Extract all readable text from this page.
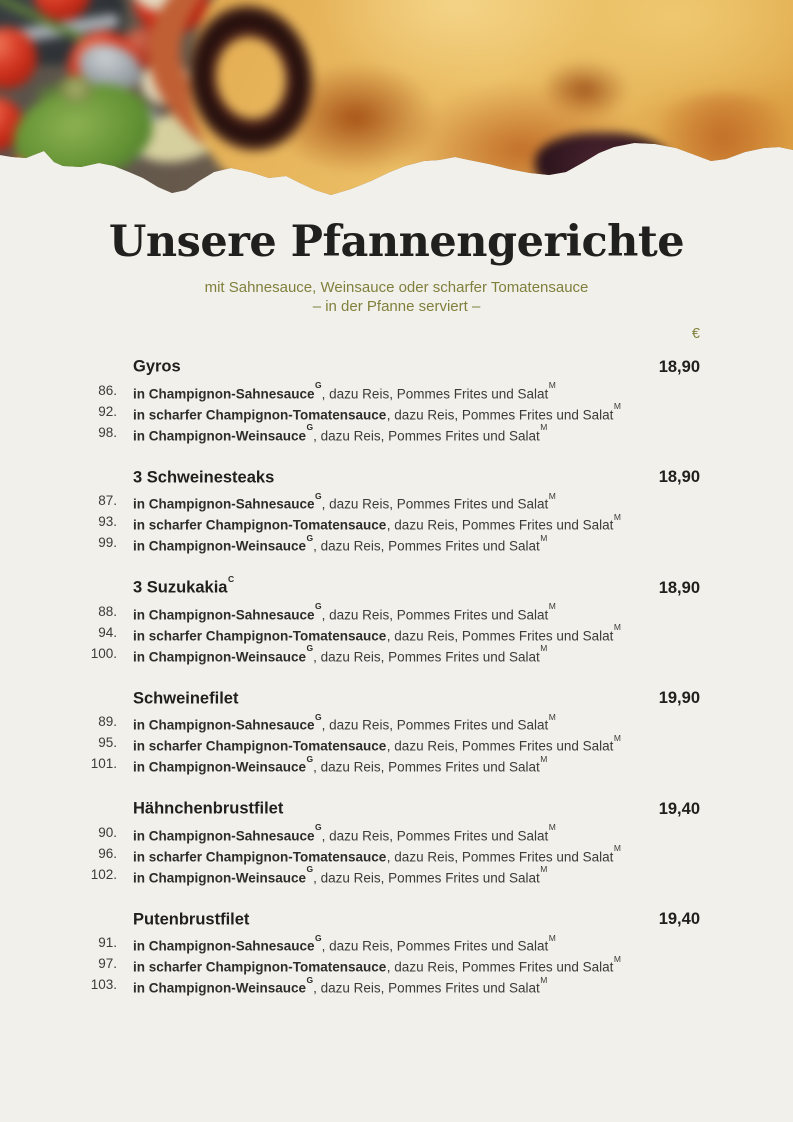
Unsere Pfannengerichte
mit Sahnesauce, Weinsauce oder scharfer Tomatensauce
– in der Pfanne serviert –
€
Gyros	18,90
86. in Champignon-Sahnesauce$^G$, dazu Reis, Pommes Frites und Salat$^M$
92. in scharfer Champignon-Tomatensauce, dazu Reis, Pommes Frites und Salat$^M$
98. in Champignon-Weinsauce$^G$, dazu Reis, Pommes Frites und Salat$^M$
3 Schweinesteaks	18,90
87. in Champignon-Sahnesauce$^G$, dazu Reis, Pommes Frites und Salat$^M$
93. in scharfer Champignon-Tomatensauce, dazu Reis, Pommes Frites und Salat$^M$
99. in Champignon-Weinsauce$^G$, dazu Reis, Pommes Frites und Salat$^M$
3 Suzukakia$^C$	18,90
88. in Champignon-Sahnesauce$^G$, dazu Reis, Pommes Frites und Salat$^M$
94. in scharfer Champignon-Tomatensauce, dazu Reis, Pommes Frites und Salat$^M$
100. in Champignon-Weinsauce$^G$, dazu Reis, Pommes Frites und Salat$^M$
Schweinefilet	19,90
89. in Champignon-Sahnesauce$^G$, dazu Reis, Pommes Frites und Salat$^M$
95. in scharfer Champignon-Tomatensauce, dazu Reis, Pommes Frites und Salat$^M$
101. in Champignon-Weinsauce$^G$, dazu Reis, Pommes Frites und Salat$^M$
Hähnchenbrustfilet	19,40
90. in Champignon-Sahnesauce$^G$, dazu Reis, Pommes Frites und Salat$^M$
96. in scharfer Champignon-Tomatensauce, dazu Reis, Pommes Frites und Salat$^M$
102. in Champignon-Weinsauce$^G$, dazu Reis, Pommes Frites und Salat$^M$
Putenbrustfilet	19,40
91. in Champignon-Sahnesauce$^G$, dazu Reis, Pommes Frites und Salat$^M$
97. in scharfer Champignon-Tomatensauce, dazu Reis, Pommes Frites und Salat$^M$
103. in Champignon-Weinsauce$^G$, dazu Reis, Pommes Frites und Salat$^M$
